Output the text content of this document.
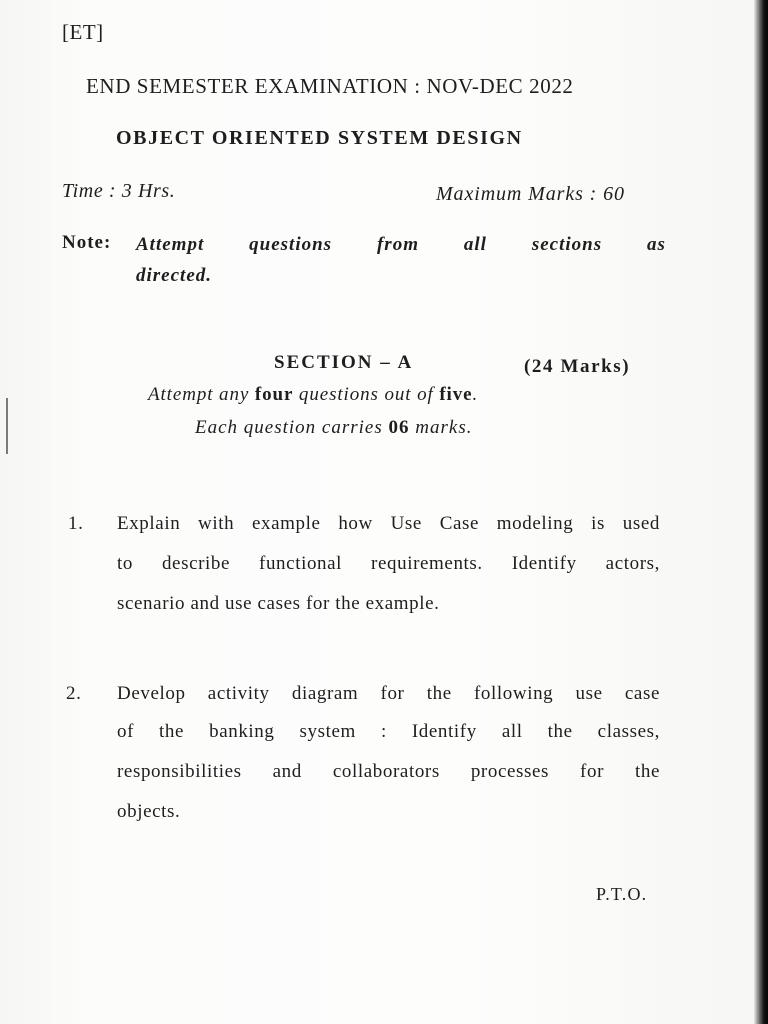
[ET]
END SEMESTER EXAMINATION : NOV-DEC 2022
OBJECT ORIENTED SYSTEM DESIGN
Time : 3 Hrs.	Maximum Marks : 60
Note: Attempt questions from all sections as
directed.
SECTION – A	(24 Marks)
Attempt any four questions out of five.
Each question carries 06 marks.
1. Explain with example how Use Case modeling is used
to describe functional requirements. Identify actors,
scenario and use cases for the example.
2. Develop activity diagram for the following use case
of the banking system : Identify all the classes,
responsibilities and collaborators processes for the
objects.
P.T.O.
